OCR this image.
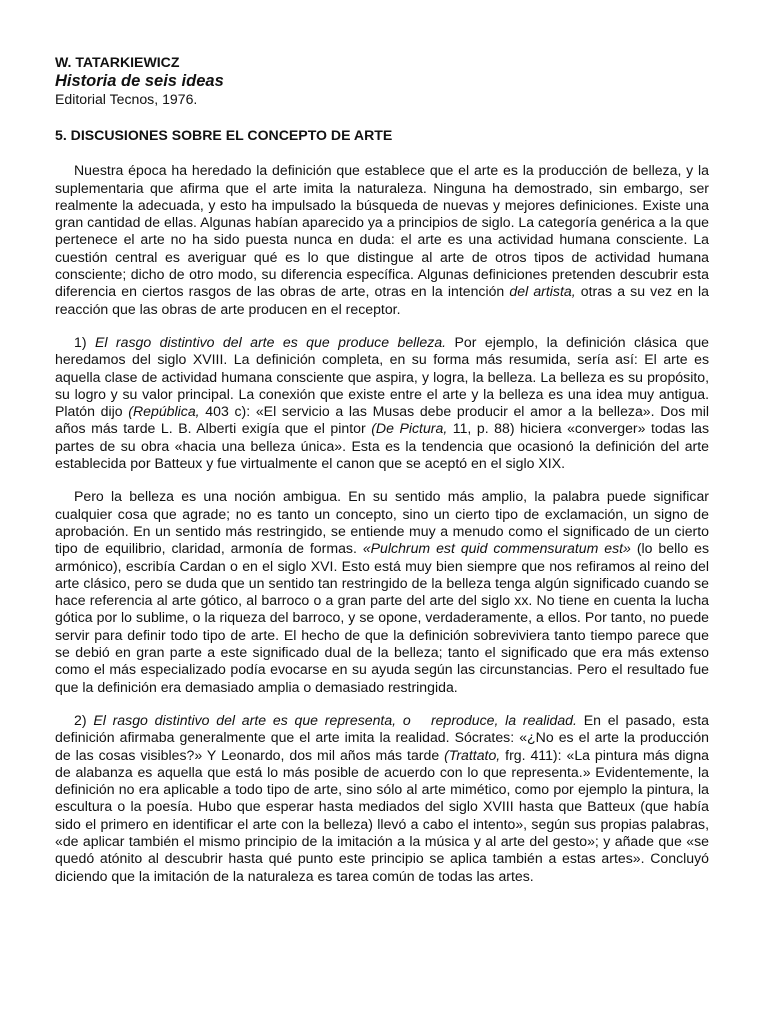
W. TATARKIEWICZ
Historia de seis ideas
Editorial Tecnos, 1976.
5. DISCUSIONES SOBRE EL CONCEPTO DE ARTE

Nuestra época ha heredado la definición que establece que el arte es la producción de belleza, y la suplementaria que afirma que el arte imita la naturaleza. Ninguna ha demostrado, sin embargo, ser realmente la adecuada, y esto ha impulsado la búsqueda de nuevas y mejores definiciones. Existe una gran cantidad de ellas. Algunas habían aparecido ya a principios de siglo. La categoría genérica a la que pertenece el arte no ha sido puesta nunca en duda: el arte es una actividad humana consciente. La cuestión central es averiguar qué es lo que distingue al arte de otros tipos de actividad humana consciente; dicho de otro modo, su diferencia específica. Algunas definiciones pretenden descubrir esta diferencia en ciertos rasgos de las obras de arte, otras en la intención del artista, otras a su vez en la reacción que las obras de arte producen en el receptor.

1) El rasgo distintivo del arte es que produce belleza. Por ejemplo, la definición clásica que heredamos del siglo XVIII. La definición completa, en su forma más resumida, sería así: El arte es aquella clase de actividad humana consciente que aspira, y logra, la belleza. La belleza es su propósito, su logro y su valor principal. La conexión que existe entre el arte y la belleza es una idea muy antigua. Platón dijo (República, 403 c): «El servicio a las Musas debe producir el amor a la belleza». Dos mil años más tarde L. B. Alberti exigía que el pintor (De Pictura, 11, p. 88) hiciera «converger» todas las partes de su obra «hacia una belleza única». Esta es la tendencia que ocasionó la definición del arte establecida por Batteux y fue virtualmente el canon que se aceptó en el siglo XIX.

Pero la belleza es una noción ambigua. En su sentido más amplio, la palabra puede significar cualquier cosa que agrade; no es tanto un concepto, sino un cierto tipo de exclamación, un signo de aprobación. En un sentido más restringido, se entiende muy a menudo como el significado de un cierto tipo de equilibrio, claridad, armonía de formas. «Pulchrum est quid commensuratum est» (lo bello es armónico), escribía Cardan o en el siglo XVI. Esto está muy bien siempre que nos refiramos al reino del arte clásico, pero se duda que un sentido tan restringido de la belleza tenga algún significado cuando se hace referencia al arte gótico, al barroco o a gran parte del arte del siglo xx. No tiene en cuenta la lucha gótica por lo sublime, o la riqueza del barroco, y se opone, verdaderamente, a ellos. Por tanto, no puede servir para definir todo tipo de arte. El hecho de que la definición sobreviviera tanto tiempo parece que se debió en gran parte a este significado dual de la belleza; tanto el significado que era más extenso como el más especializado podía evocarse en su ayuda según las circunstancias. Pero el resultado fue que la definición era demasiado amplia o demasiado restringida.

2) El rasgo distintivo del arte es que representa, o   reproduce, la realidad. En el pasado, esta definición afirmaba generalmente que el arte imita la realidad. Sócrates: «¿No es el arte la producción de las cosas visibles?» Y Leonardo, dos mil años más tarde (Trattato, frg. 411): «La pintura más digna de alabanza es aquella que está lo más posible de acuerdo con lo que representa.» Evidentemente, la definición no era aplicable a todo tipo de arte, sino sólo al arte mimético, como por ejemplo la pintura, la escultura o la poesía. Hubo que esperar hasta mediados del siglo XVIII hasta que Batteux (que había sido el primero en identificar el arte con la belleza) llevó a cabo el intento», según sus propias palabras, «de aplicar también el mismo principio de la imitación a la música y al arte del gesto»; y añade que «se quedó atónito al descubrir hasta qué punto este principio se aplica también a estas artes». Concluyó diciendo que la imitación de la naturaleza es tarea común de todas las artes.
